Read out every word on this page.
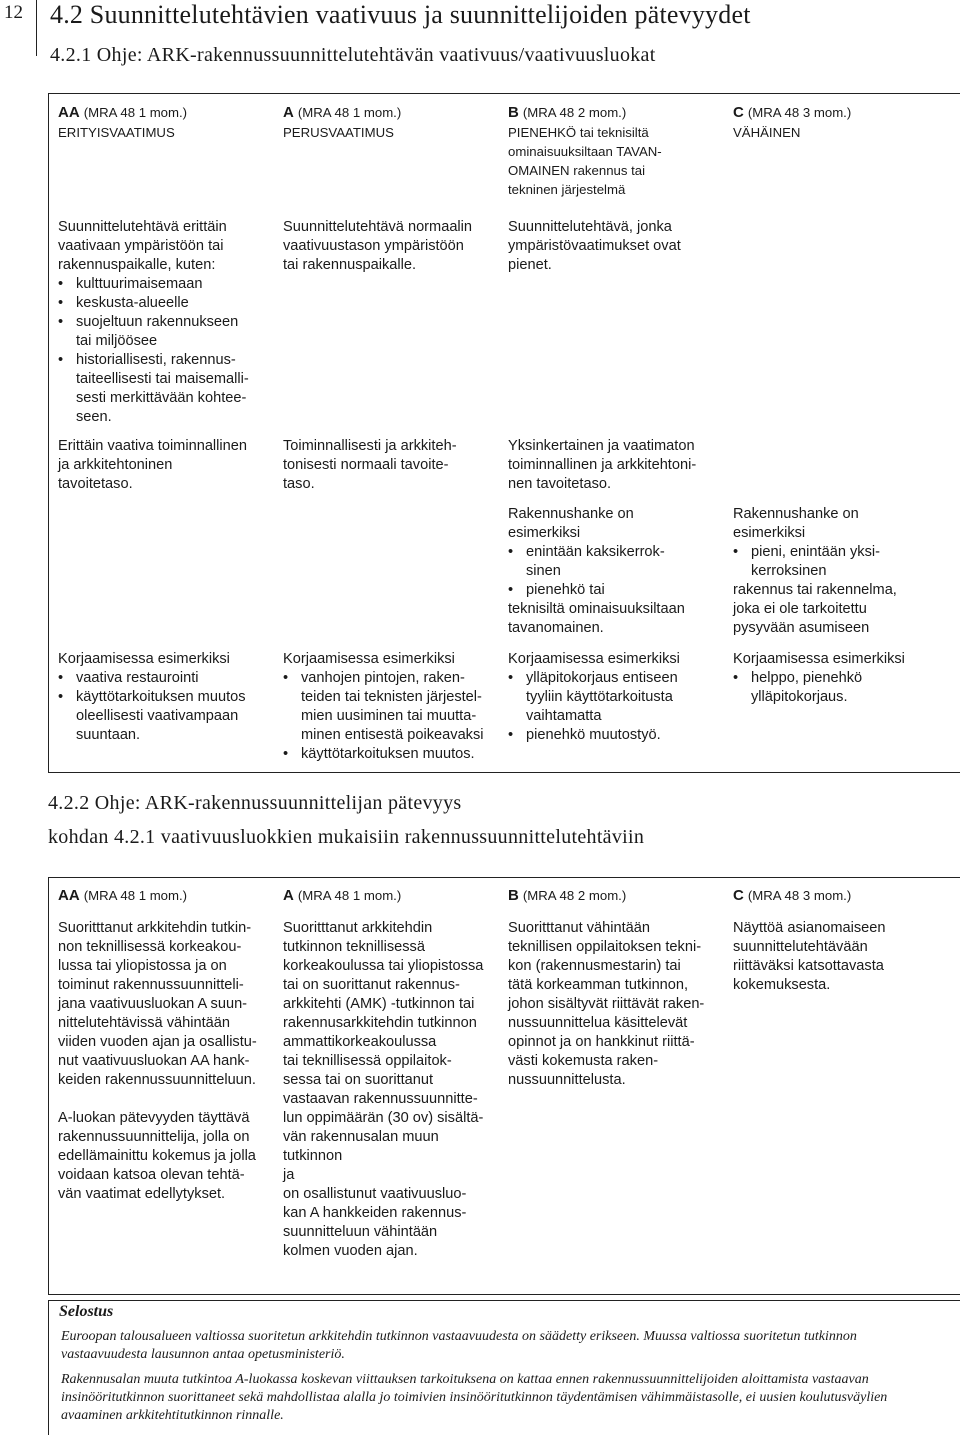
12 4.2 Suunnittelutehtävien vaativuus ja suunnittelijoiden pätevyydet
4.2.1 Ohje: ARK-rakennussuunnittelutehtävän vaativuus/vaativuusluokat
4.2.2 Ohje: ARK-rakennussuunnittelijan pätevyys
kohdan 4.2.1 vaativuusluokkien mukaisiin rakennussuunnittelutehtäviin
Selostus
Euroopan talousalueen valtiossa suoritetun arkkitehdin tutkinnon vastaavuudesta on säädetty erikseen. Muussa valtiossa suoritetun tutkinnon vastaavuudesta lausunnon antaa opetusministeriö.
Rakennusalan muuta tutkintoa A-luokassa koskevan viittauksen tarkoituksena on kattaa ennen rakennussuunnittelijoiden aloittamista vastaavan insinööritutkinnon suorittaneet sekä mahdollistaa alalla jo toimivien insinööritutkinnon täydentämisen vähimmäistasolle, ei uusien koulutusväylien avaaminen arkkitehtitutkinnon rinnalle.
AA (MRA 48 1 mom.)
ERITYISVAATIMUS

Suunnittelutehtävä erittäin

vaativaan ympäristöön tai

rakennuspaikalle, kuten:

• kulttuurimaisemaan
• keskusta-alueelle
• suojeltuun rakennukseen
tai miljöösee
• historiallisesti, rakennus-
taiteellisesti tai maisemalli-
sesti merkittävään kohtee-
seen.

Erittäin vaativa toiminnallinen

ja arkkitehtoninen

tavoitetaso.

Korjaamisessa esimerkiksi

• vaativa restaurointi
• käyttötarkoituksen muutos
oleellisesti vaativampaan
suuntaan.
A (MRA 48 1 mom.)
PERUSVAATIMUS

Suunnittelutehtävä normaalin

vaativuustason ympäristöön

tai rakennuspaikalle.

Toiminnallisesti ja arkkiteh-

tonisesti normaali tavoite-

taso.

Korjaamisessa esimerkiksi

• vanhojen pintojen, raken-
teiden tai teknisten järjestel-
mien uusiminen tai muutta-
minen entisestä poikeavaksi
• käyttötarkoituksen muutos.
B (MRA 48 2 mom.)
PIENEHKÖ tai teknisiltä
ominaisuuksiltaan TAVAN-
OMAINEN rakennus tai
tekninen järjestelmä

Suunnittelutehtävä, jonka

ympäristövaatimukset ovat

pienet.

Yksinkertainen ja vaatimaton

toiminnallinen ja arkkitehtoni-

nen tavoitetaso.

Rakennushanke on

esimerkiksi

• enintään kaksikerrok-
sinen
• pienehkö tai

teknisiltä ominaisuuksiltaan

tavanomainen.

Korjaamisessa esimerkiksi

• ylläpitokorjaus entiseen
tyyliin käyttötarkoitusta
vaihtamatta
• pienehkö muutostyö.
C (MRA 48 3 mom.)
VÄHÄINEN

Rakennushanke on

esimerkiksi

• pieni, enintään yksi-
kerroksinen

rakennus tai rakennelma,

joka ei ole tarkoitettu

pysyvään asumiseen

Korjaamisessa esimerkiksi

• helppo, pienehkö
ylläpitokorjaus.
AA (MRA 48 1 mom.)

Suoritttanut arkkitehdin tutkin-

non teknillisessä korkeakou-

lussa tai yliopistossa ja on

toiminut rakennussuunnitteli-

jana vaativuusluokan A suun-

nittelutehtävissä vähintään

viiden vuoden ajan ja osallistu-

nut vaativuusluokan AA hank-

keiden rakennussuunnitteluun.

A-luokan pätevyyden täyttävä

rakennussuunnittelija, jolla on

edellämainittu kokemus ja jolla

voidaan katsoa olevan tehtä-

vän vaatimat edellytykset.

A (MRA 48 1 mom.)

Suoritttanut arkkitehdin

tutkinnon teknillisessä

korkeakoulussa tai yliopistossa

tai on suorittanut rakennus-

arkkitehti (AMK) -tutkinnon tai

rakennusarkkitehdin tutkinnon

ammattikorkeakoulussa

tai teknillisessä oppilaitok-

sessa tai on suorittanut

vastaavan rakennussuunnitte-

lun oppimäärän (30 ov) sisältä-

vän rakennusalan muun

tutkinnon

ja

on osallistunut vaativuusluo-

kan A hankkeiden rakennus-

suunnitteluun vähintään

kolmen vuoden ajan.

B (MRA 48 2 mom.)

Suoritttanut vähintään

teknillisen oppilaitoksen tekni-

kon (rakennusmestarin) tai

tätä korkeamman tutkinnon,

johon sisältyvät riittävät raken-

nussuunnittelua käsittelevät

opinnot ja on hankkinut riittä-

västi kokemusta raken-

nussuunnittelusta.

C (MRA 48 3 mom.)

Näyttöä asianomaiseen

suunnittelutehtävään

riittäväksi katsottavasta

kokemuksesta.
